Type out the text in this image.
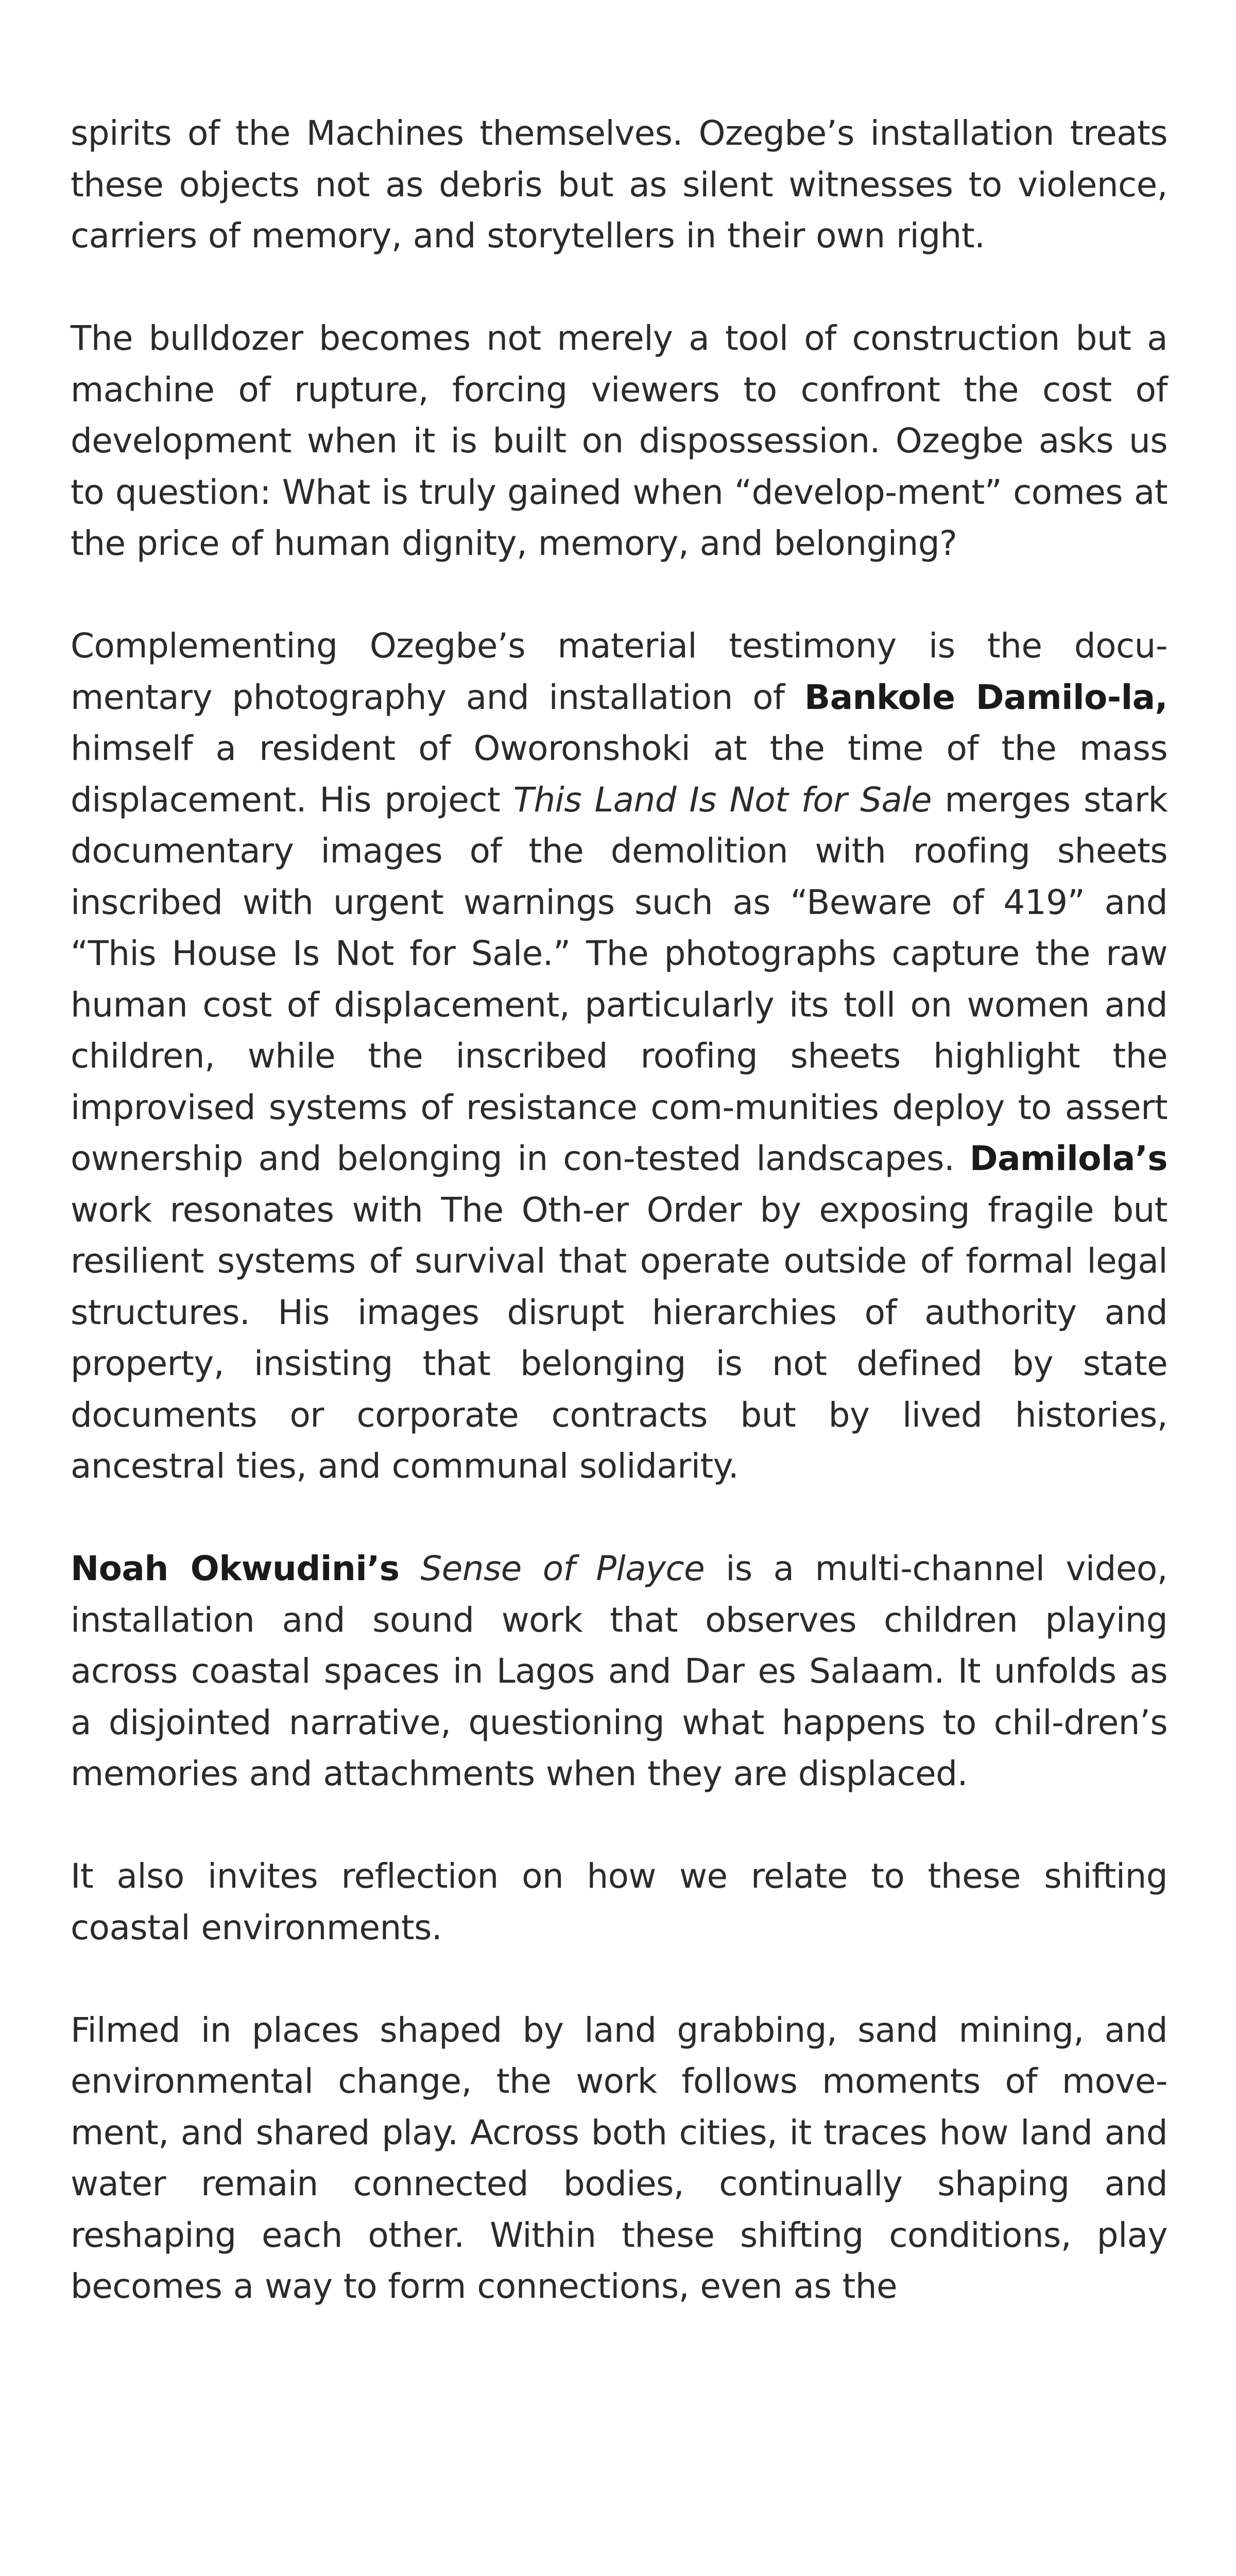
spirits of the Machines themselves. Ozegbe’s installation treats these objects not as debris but as silent witnesses to violence, carriers of memory, and storytellers in their own right.

The bulldozer becomes not merely a tool of construction but a machine of rupture, forcing viewers to confront the cost of development when it is built on dispossession. Ozegbe asks us to question: What is truly gained when “develop-ment” comes at the price of human dignity, memory, and belonging?

Complementing Ozegbe’s material testimony is the docu-mentary photography and installation of Bankole Damilo-la, himself a resident of Oworonshoki at the time of the mass displacement. His project This Land Is Not for Sale merges stark documentary images of the demolition with roofing sheets inscribed with urgent warnings such as “Beware of 419” and “This House Is Not for Sale.” The photographs capture the raw human cost of displacement, particularly its toll on women and children, while the inscribed roofing sheets highlight the improvised systems of resistance com-munities deploy to assert ownership and belonging in con-tested landscapes. Damilola’s work resonates with The Oth-er Order by exposing fragile but resilient systems of survival that operate outside of formal legal structures. His images disrupt hierarchies of authority and property, insisting that belonging is not defined by state documents or corporate contracts but by lived histories, ancestral ties, and communal solidarity.

Noah Okwudini’s Sense of Playce is a multi-channel video, installation and sound work that observes children playing across coastal spaces in Lagos and Dar es Salaam. It unfolds as a disjointed narrative, questioning what happens to chil-dren’s memories and attachments when they are displaced.

It also invites reflection on how we relate to these shifting coastal environments.

Filmed in places shaped by land grabbing, sand mining, and environmental change, the work follows moments of move-ment, and shared play. Across both cities, it traces how land and water remain connected bodies, continually shaping and reshaping each other. Within these shifting conditions, play becomes a way to form connections, even as the
